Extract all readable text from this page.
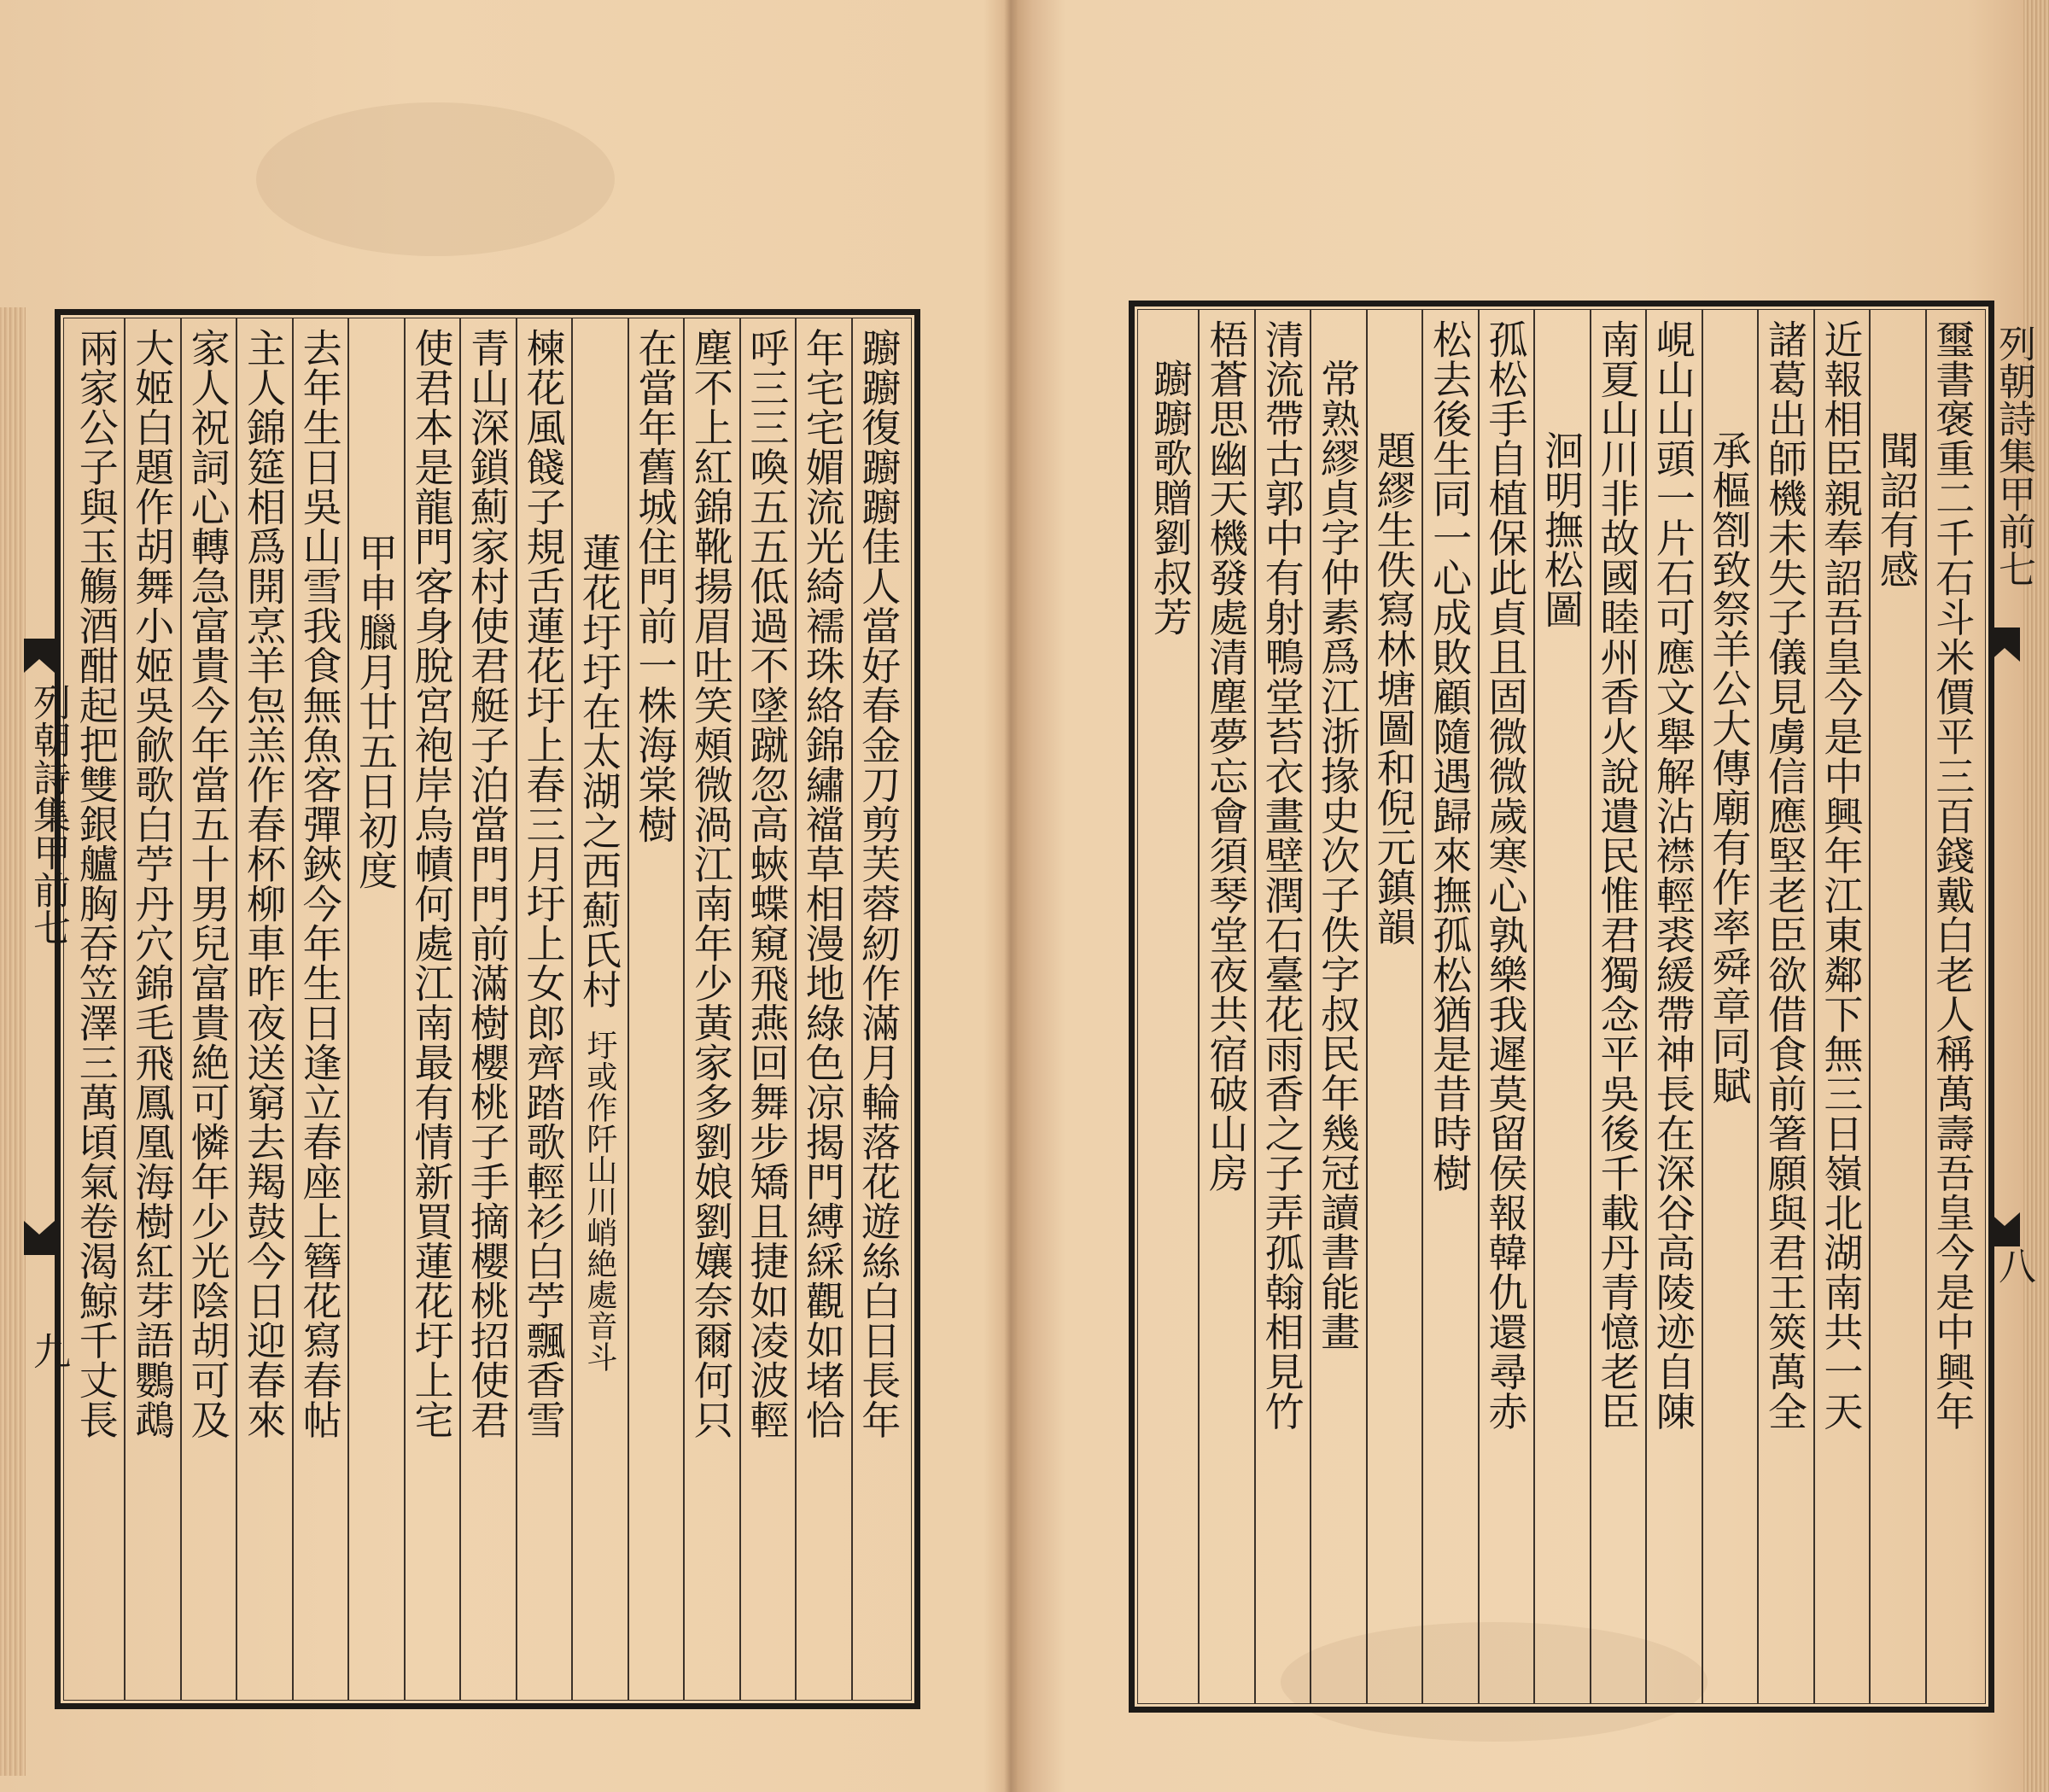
躕躕復躕躕佳人當好春金刀剪芙蓉紉作滿月輪落花遊絲白日長年
年宅宅媚流光綺襦珠絡錦繡襠草相漫地綠色凉揭門縛綵觀如堵恰
呼三三喚五五低過不墜蹴忽高蛺蝶窺飛燕回舞步矯且捷如凌波輕
塵不上紅錦靴揚眉吐笑頰微渦江南年少黃家多劉娘劉孃奈爾何只
在當年舊城住門前一株海棠樹
蓮花圩圩在太湖之西薊氏村
圩或作阡山川峭絶處音斗
楝花風餞子規舌蓮花圩上春三月圩上女郎齊踏歌輕衫白苧飄香雪
青山深鎖薊家村使君艇子泊當門門前滿樹櫻桃子手摘櫻桃招使君
使君本是龍門客身脫宮袍岸烏幘何處江南最有情新買蓮花圩上宅
甲申臘月廿五日初度
去年生日吳山雪我食無魚客彈鋏今年生日逢立春座上簪花寫春帖
主人錦筵相爲開烹羊炰羔作春杯柳車昨夜送窮去羯鼓今日迎春來
家人祝詞心轉急富貴今年當五十男兒富貴絶可憐年少光陰胡可及
大姬白題作胡舞小姬吳歈歌白苧丹穴錦毛飛鳳凰海樹紅芽語鸚鵡
兩家公子與玉觴酒酣起把雙銀艫胸吞笠澤三萬頃氣卷渴鯨千丈長
列朝詩集甲前七
九	璽書褒重二千石斗米價平三百錢戴白老人稱萬壽吾皇今是中興年
聞詔有感
近報相臣親奉詔吾皇今是中興年江東鄰下無三日嶺北湖南共一天
諸葛出師機未失子儀見虜信應堅老臣欲借食前箸願與君王筴萬全
承樞劄致祭羊公大傳廟有作率舜章同賦
峴山山頭一片石可應文舉解沾襟輕裘緩帶神長在深谷高陵迹自陳
南夏山川非故國睦州香火說遺民惟君獨念平吳後千載丹青憶老臣
洄明撫松圖
孤松手自植保此貞且固微微歲寒心孰樂我遲莫留侯報韓仇還尋赤
松去後生同一心成敗顧隨遇歸來撫孤松猶是昔時樹
題繆生佚寫林塘圖和倪元鎮韻
常熟繆貞字仲素爲江浙掾史次子佚字叔民年幾冠讀書能畫
清流帶古郭中有射鴨堂苔衣畫壁潤石臺花雨香之子弄孤翰相見竹
梧蒼思幽天機發處清塵夢忘會須琴堂夜共宿破山房
躕躕歌贈劉叔芳	列朝詩集甲前七
八
